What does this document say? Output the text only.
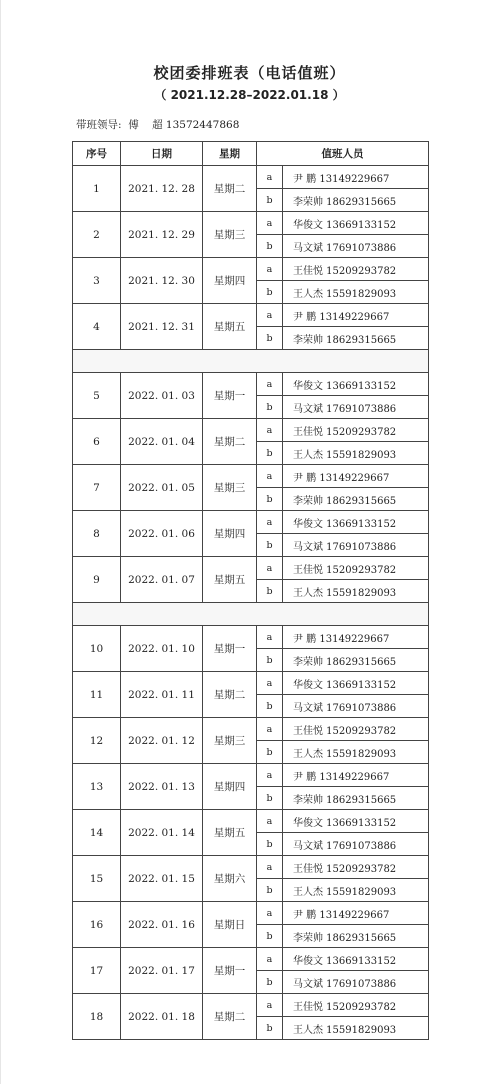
校团委排班表（电话值班）
（ 2021.12.28–2022.01.18 ）
带班领导:  傅    超 13572447868
序号	日期	星期	值班人员	
1	2021. 12. 28	星期二	a	尹 鹏 13149229667
			b	李荣帅 18629315665
2	2021. 12. 29	星期三	a	华俊文 13669133152
			b	马文斌 17691073886
3	2021. 12. 30	星期四	a	王佳悦 15209293782
			b	王人杰 15591829093
4	2021. 12. 31	星期五	a	尹 鹏 13149229667
			b	李荣帅 18629315665

5	2022. 01. 03	星期一	a	华俊文 13669133152
			b	马文斌 17691073886
6	2022. 01. 04	星期二	a	王佳悦 15209293782
			b	王人杰 15591829093
7	2022. 01. 05	星期三	a	尹 鹏 13149229667
			b	李荣帅 18629315665
8	2022. 01. 06	星期四	a	华俊文 13669133152
			b	马文斌 17691073886
9	2022. 01. 07	星期五	a	王佳悦 15209293782
			b	王人杰 15591829093

10	2022. 01. 10	星期一	a	尹 鹏 13149229667
			b	李荣帅 18629315665
11	2022. 01. 11	星期二	a	华俊文 13669133152
			b	马文斌 17691073886
12	2022. 01. 12	星期三	a	王佳悦 15209293782
			b	王人杰 15591829093
13	2022. 01. 13	星期四	a	尹 鹏 13149229667
			b	李荣帅 18629315665
14	2022. 01. 14	星期五	a	华俊文 13669133152
			b	马文斌 17691073886
15	2022. 01. 15	星期六	a	王佳悦 15209293782
			b	王人杰 15591829093
16	2022. 01. 16	星期日	a	尹 鹏 13149229667
			b	李荣帅 18629315665
17	2022. 01. 17	星期一	a	华俊文 13669133152
			b	马文斌 17691073886
18	2022. 01. 18	星期二	a	王佳悦 15209293782
			b	王人杰 15591829093
